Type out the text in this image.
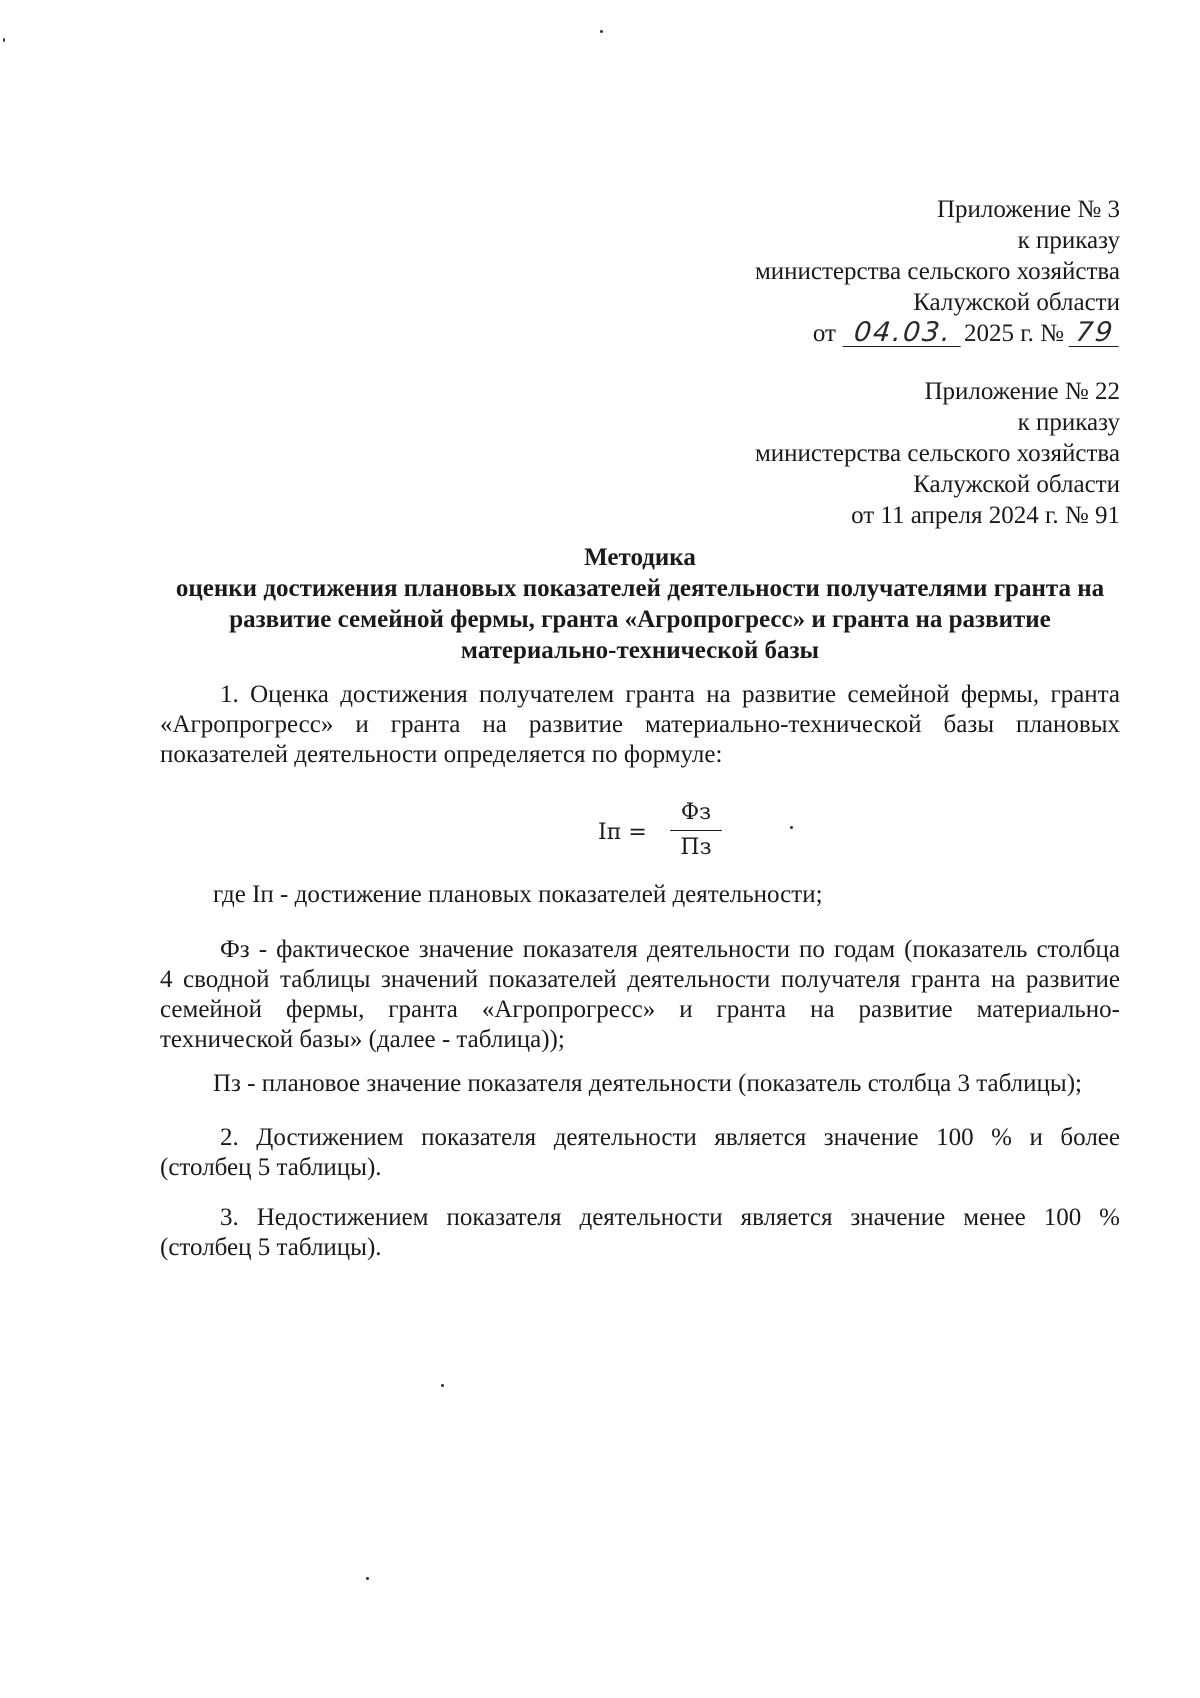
Приложение № 3
к приказу
министерства сельского хозяйства
Калужской области
от 04.03. 2025 г. № 79
Приложение № 22
к приказу
министерства сельского хозяйства
Калужской области
от 11 апреля 2024 г. № 91
Методика
оценки достижения плановых показателей деятельности получателями гранта на
развитие семейной фермы, гранта «Агропрогресс» и гранта на развитие
материально-технической базы
1. Оценка достижения получателем гранта на развитие семейной фермы, гранта
«Агропрогресс» и гранта на развитие материально-технической базы плановых
показателей деятельности определяется по формуле:
Iп =
Фз
Пз
где Iп - достижение плановых показателей деятельности;
Фз - фактическое значение показателя деятельности по годам (показатель столбца
4 сводной таблицы значений показателей деятельности получателя гранта на развитие
семейной фермы, гранта «Агропрогресс» и гранта на развитие материально-
технической базы» (далее - таблица));
Пз - плановое значение показателя деятельности (показатель столбца 3 таблицы);
2. Достижением показателя деятельности является значение 100 % и более
(столбец 5 таблицы).
3. Недостижением показателя деятельности является значение менее 100 %
(столбец 5 таблицы).
